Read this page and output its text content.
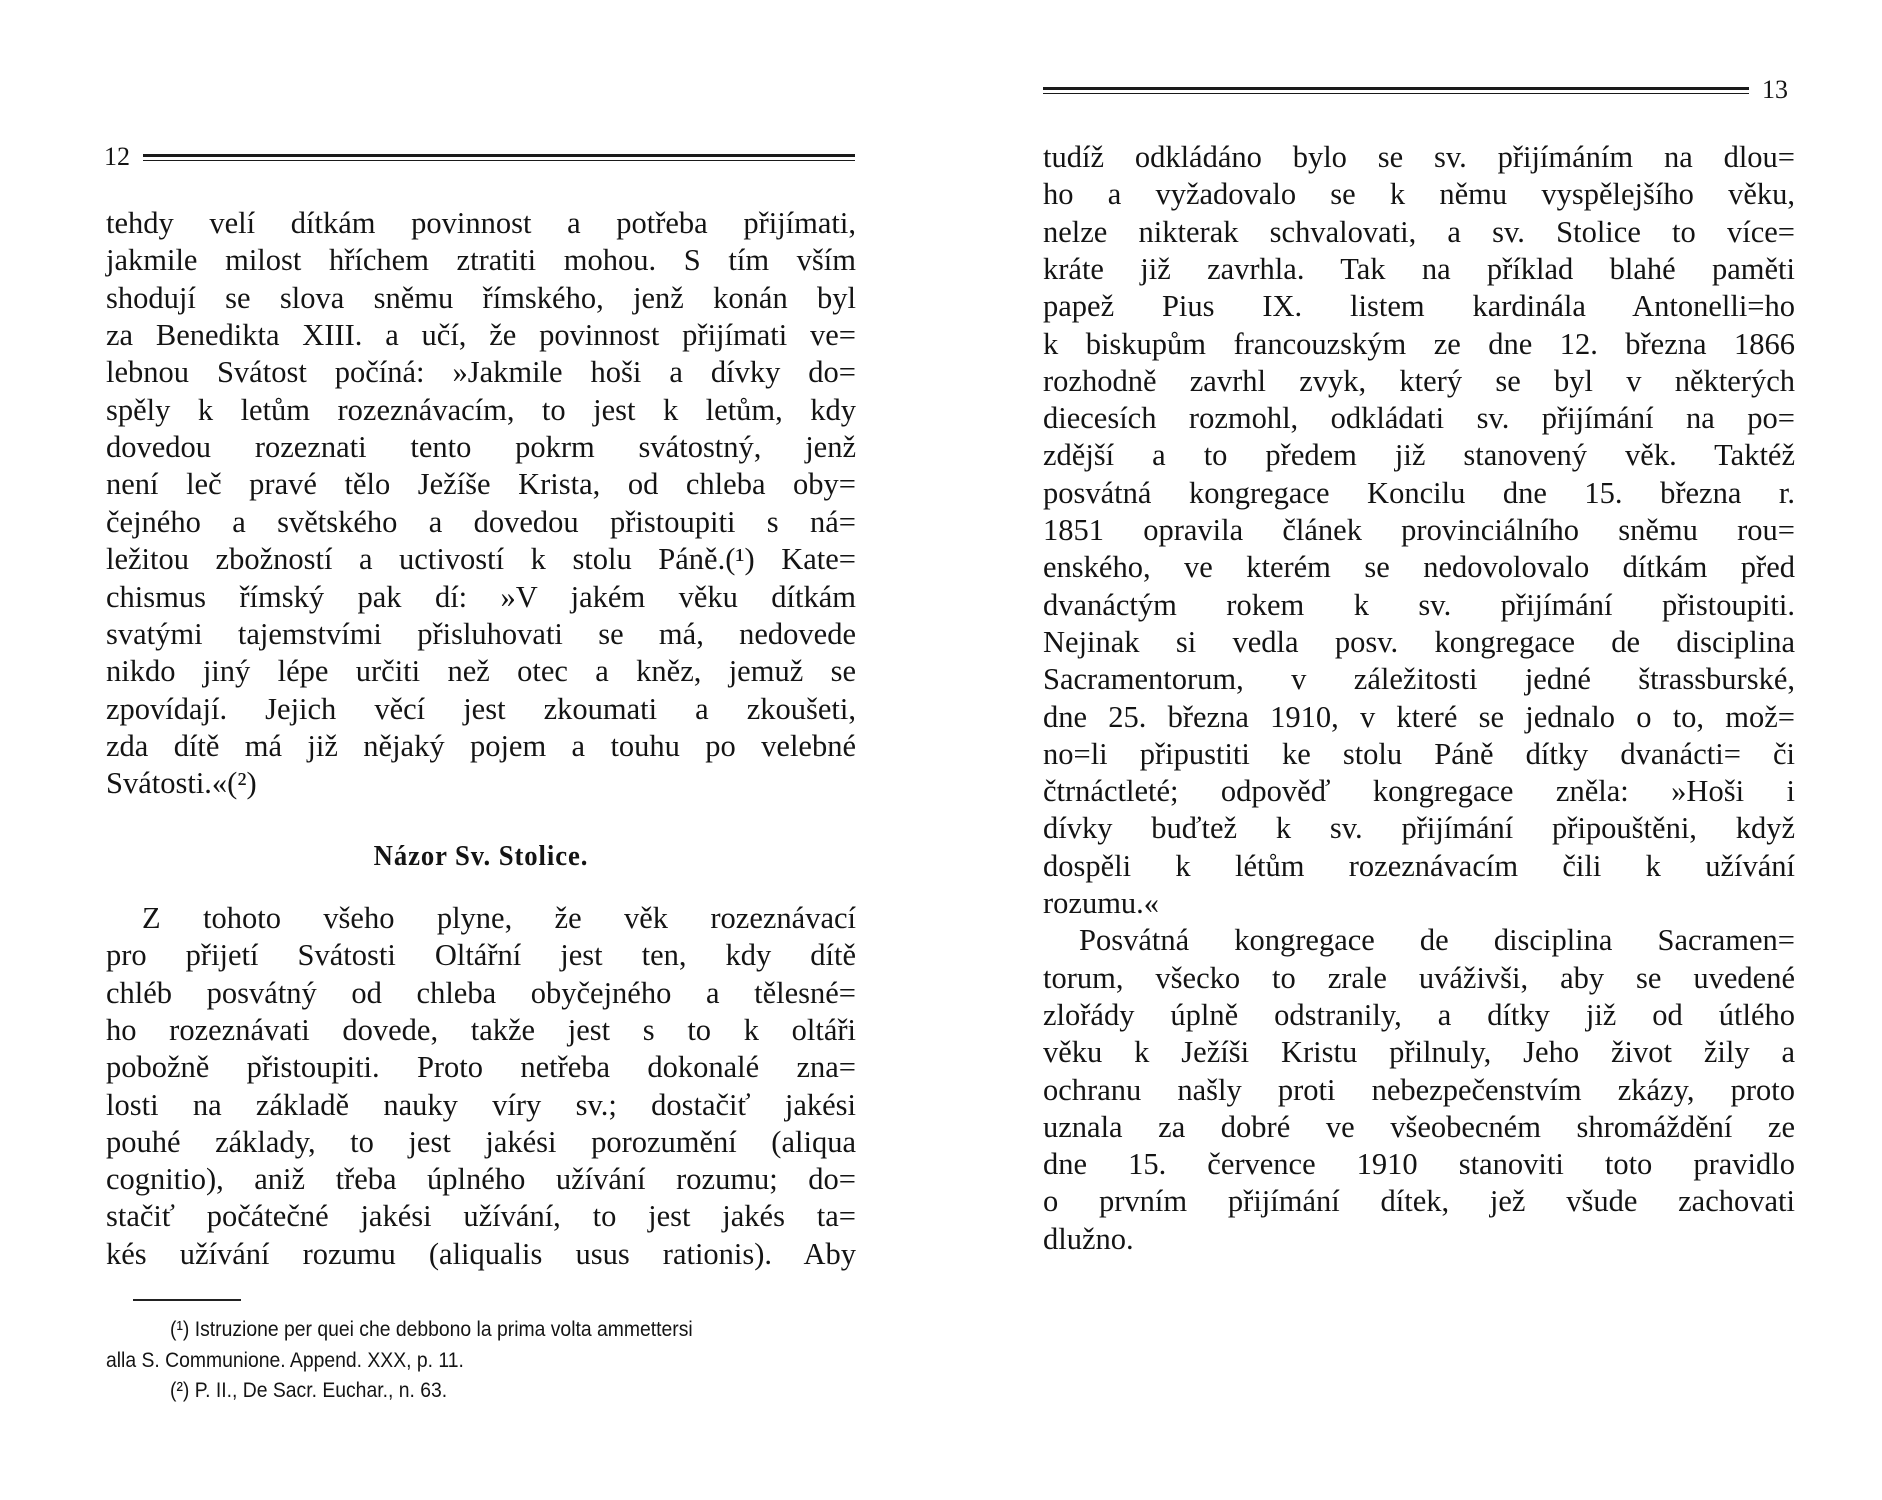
12
tehdy velí dítkám povinnost a potřeba přijímati,
jakmile milost hříchem ztratiti mohou. S tím vším
shodují se slova sněmu římského, jenž konán byl
za Benedikta XIII. a učí, že povinnost přijímati ve=
lebnou Svátost počíná: »Jakmile hoši a dívky do=
spěly k letům rozeznávacím, to jest k letům, kdy
dovedou rozeznati tento pokrm svátostný, jenž
není leč pravé tělo Ježíše Krista, od chleba oby=
čejného a světského a dovedou přistoupiti s ná=
ležitou zbožností a uctivostí k stolu Páně.(¹) Kate=
chismus římský pak dí: »V jakém věku dítkám
svatými tajemstvími přisluhovati se má, nedovede
nikdo jiný lépe určiti než otec a kněz, jemuž se
zpovídají. Jejich věcí jest zkoumati a zkoušeti,
zda dítě má již nějaký pojem a touhu po velebné
Svátosti.«(²)
Názor Sv. Stolice.
Z tohoto všeho plyne, že věk rozeznávací
pro přijetí Svátosti Oltářní jest ten, kdy dítě
chléb posvátný od chleba obyčejného a tělesné=
ho rozeznávati dovede, takže jest s to k oltáři
pobožně přistoupiti. Proto netřeba dokonalé zna=
losti na základě nauky víry sv.; dostačiť jakési
pouhé základy, to jest jakési porozumění (aliqua
cognitio), aniž třeba úplného užívání rozumu; do=
stačiť počátečné jakési užívání, to jest jakés ta=
kés užívání rozumu (aliqualis usus rationis). Aby
(¹) Istruzione per quei che debbono la prima volta ammettersi
alla S. Communione. Append. XXX, p. 11.
(²) P. II., De Sacr. Euchar., n. 63.
13
tudíž odkládáno bylo se sv. přijímáním na dlou=
ho a vyžadovalo se k němu vyspělejšího věku,
nelze nikterak schvalovati, a sv. Stolice to více=
kráte již zavrhla. Tak na příklad blahé paměti
papež Pius IX. listem kardinála Antonelli=ho
k biskupům francouzským ze dne 12. března 1866
rozhodně zavrhl zvyk, který se byl v některých
diecesích rozmohl, odkládati sv. přijímání na po=
zdější a to předem již stanovený věk. Taktéž
posvátná kongregace Koncilu dne 15. března r.
1851 opravila článek provinciálního sněmu rou=
enského, ve kterém se nedovolovalo dítkám před
dvanáctým rokem k sv. přijímání přistoupiti.
Nejinak si vedla posv. kongregace de disciplina
Sacramentorum, v záležitosti jedné štrassburské,
dne 25. března 1910, v které se jednalo o to, mož=
no=li připustiti ke stolu Páně dítky dvanácti= či
čtrnáctleté; odpověď kongregace zněla: »Hoši i
dívky buďtež k sv. přijímání připouštěni, když
dospěli k létům rozeznávacím čili k užívání
rozumu.«
Posvátná kongregace de disciplina Sacramen=
torum, všecko to zrale uváživši, aby se uvedené
zlořády úplně odstranily, a dítky již od útlého
věku k Ježíši Kristu přilnuly, Jeho život žily a
ochranu našly proti nebezpečenstvím zkázy, proto
uznala za dobré ve všeobecném shromáždění ze
dne 15. července 1910 stanoviti toto pravidlo
o prvním přijímání dítek, jež všude zachovati
dlužno.
